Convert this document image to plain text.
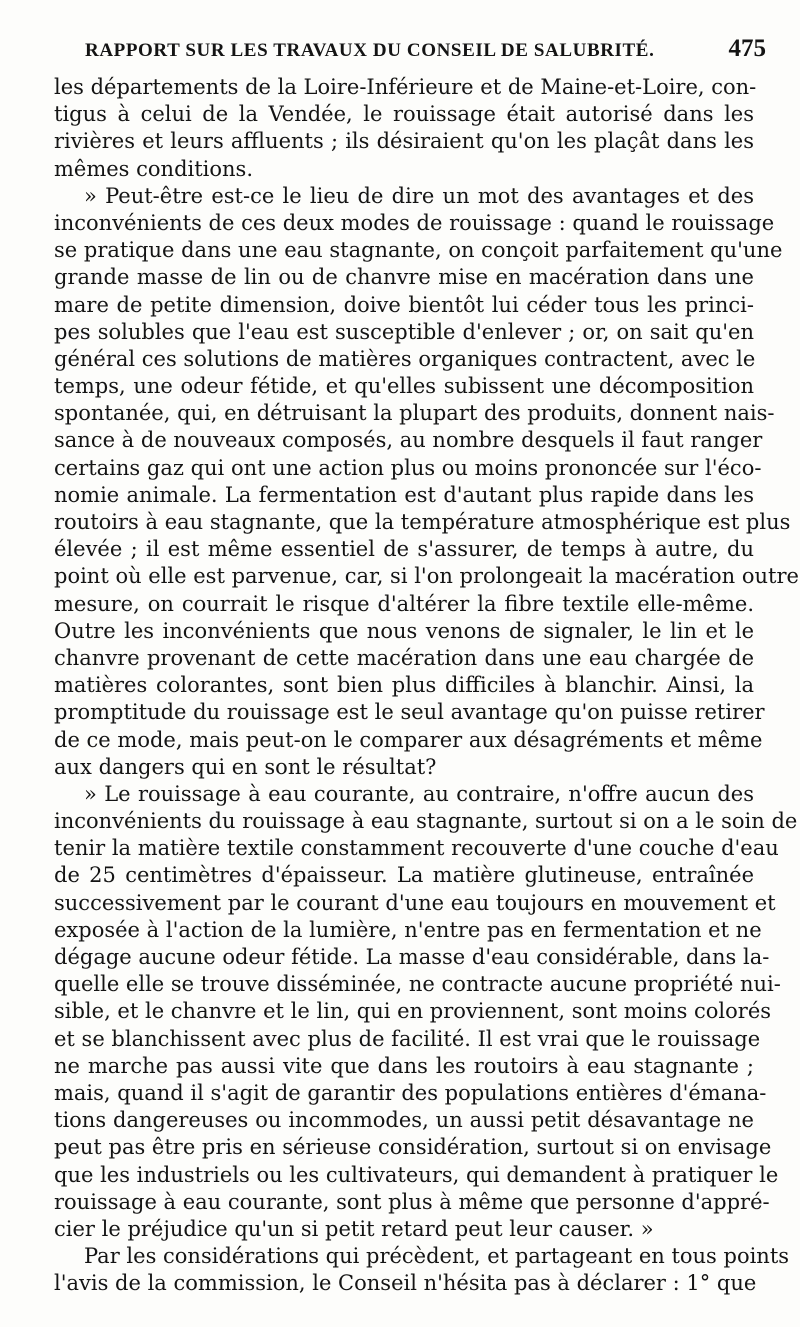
RAPPORT SUR LES TRAVAUX DU CONSEIL DE SALUBRITÉ.	475
les départements de la Loire-Inférieure et de Maine-et-Loire, con-
tigus à celui de la Vendée, le rouissage était autorisé dans les
rivières et leurs affluents ; ils désiraient qu'on les plaçât dans les
mêmes conditions.
» Peut-être est-ce le lieu de dire un mot des avantages et des
inconvénients de ces deux modes de rouissage : quand le rouissage
se pratique dans une eau stagnante, on conçoit parfaitement qu'une
grande masse de lin ou de chanvre mise en macération dans une
mare de petite dimension, doive bientôt lui céder tous les princi-
pes solubles que l'eau est susceptible d'enlever ; or, on sait qu'en
général ces solutions de matières organiques contractent, avec le
temps, une odeur fétide, et qu'elles subissent une décomposition
spontanée, qui, en détruisant la plupart des produits, donnent nais-
sance à de nouveaux composés, au nombre desquels il faut ranger
certains gaz qui ont une action plus ou moins prononcée sur l'éco-
nomie animale. La fermentation est d'autant plus rapide dans les
routoirs à eau stagnante, que la température atmosphérique est plus
élevée ; il est même essentiel de s'assurer, de temps à autre, du
point où elle est parvenue, car, si l'on prolongeait la macération outre
mesure, on courrait le risque d'altérer la fibre textile elle-même.
Outre les inconvénients que nous venons de signaler, le lin et le
chanvre provenant de cette macération dans une eau chargée de
matières colorantes, sont bien plus difficiles à blanchir. Ainsi, la
promptitude du rouissage est le seul avantage qu'on puisse retirer
de ce mode, mais peut-on le comparer aux désagréments et même
aux dangers qui en sont le résultat?
» Le rouissage à eau courante, au contraire, n'offre aucun des
inconvénients du rouissage à eau stagnante, surtout si on a le soin de
tenir la matière textile constamment recouverte d'une couche d'eau
de 25 centimètres d'épaisseur. La matière glutineuse, entraînée
successivement par le courant d'une eau toujours en mouvement et
exposée à l'action de la lumière, n'entre pas en fermentation et ne
dégage aucune odeur fétide. La masse d'eau considérable, dans la-
quelle elle se trouve disséminée, ne contracte aucune propriété nui-
sible, et le chanvre et le lin, qui en proviennent, sont moins colorés
et se blanchissent avec plus de facilité. Il est vrai que le rouissage
ne marche pas aussi vite que dans les routoirs à eau stagnante ;
mais, quand il s'agit de garantir des populations entières d'émana-
tions dangereuses ou incommodes, un aussi petit désavantage ne
peut pas être pris en sérieuse considération, surtout si on envisage
que les industriels ou les cultivateurs, qui demandent à pratiquer le
rouissage à eau courante, sont plus à même que personne d'appré-
cier le préjudice qu'un si petit retard peut leur causer. »
Par les considérations qui précèdent, et partageant en tous points
l'avis de la commission, le Conseil n'hésita pas à déclarer : 1° que
